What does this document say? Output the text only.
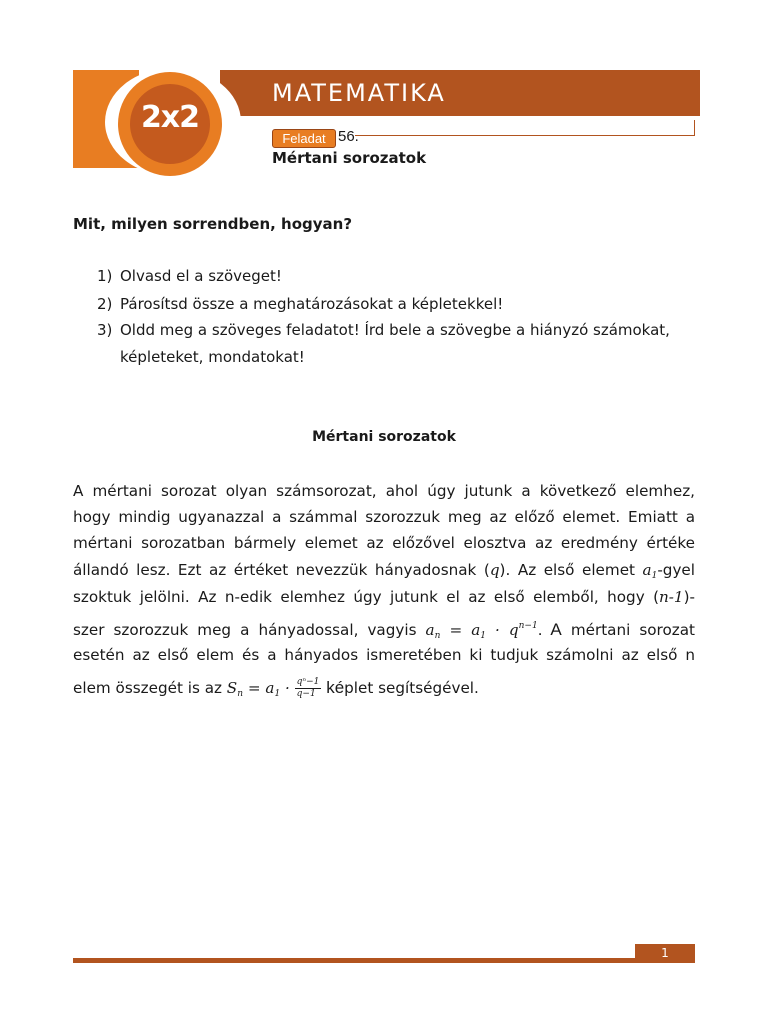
MATEMATIKA
2x2
Feladat 56.
Mértani sorozatok
Mit, milyen sorrendben, hogyan?
1) Olvasd el a szöveget!
2) Párosítsd össze a meghatározásokat a képletekkel!
3) Oldd meg a szöveges feladatot! Írd bele a szövegbe a hiányzó számokat,
képleteket, mondatokat!
Mértani sorozatok
A mértani sorozat olyan számsorozat, ahol úgy jutunk a következő elemhez,
hogy mindig ugyanazzal a számmal szorozzuk meg az előző elemet. Emiatt a
mértani sorozatban bármely elemet az előzővel elosztva az eredmény értéke
állandó lesz. Ezt az értéket nevezzük hányadosnak (q). Az első elemet $a_1$-gyel
szoktuk jelölni. Az n-edik elemhez úgy jutunk el az első elemből, hogy (n-1)-
szer szorozzuk meg a hányadossal, vagyis $a_n = a_1 \cdot q^{n-1}$. A mértani sorozat
esetén az első elem és a hányados ismeretében ki tudjuk számolni az első n
elem összegét is az $S_n = a_1 \cdot \frac{\text{qⁿ−1}}{q-1}$ képlet segítségével.
1
